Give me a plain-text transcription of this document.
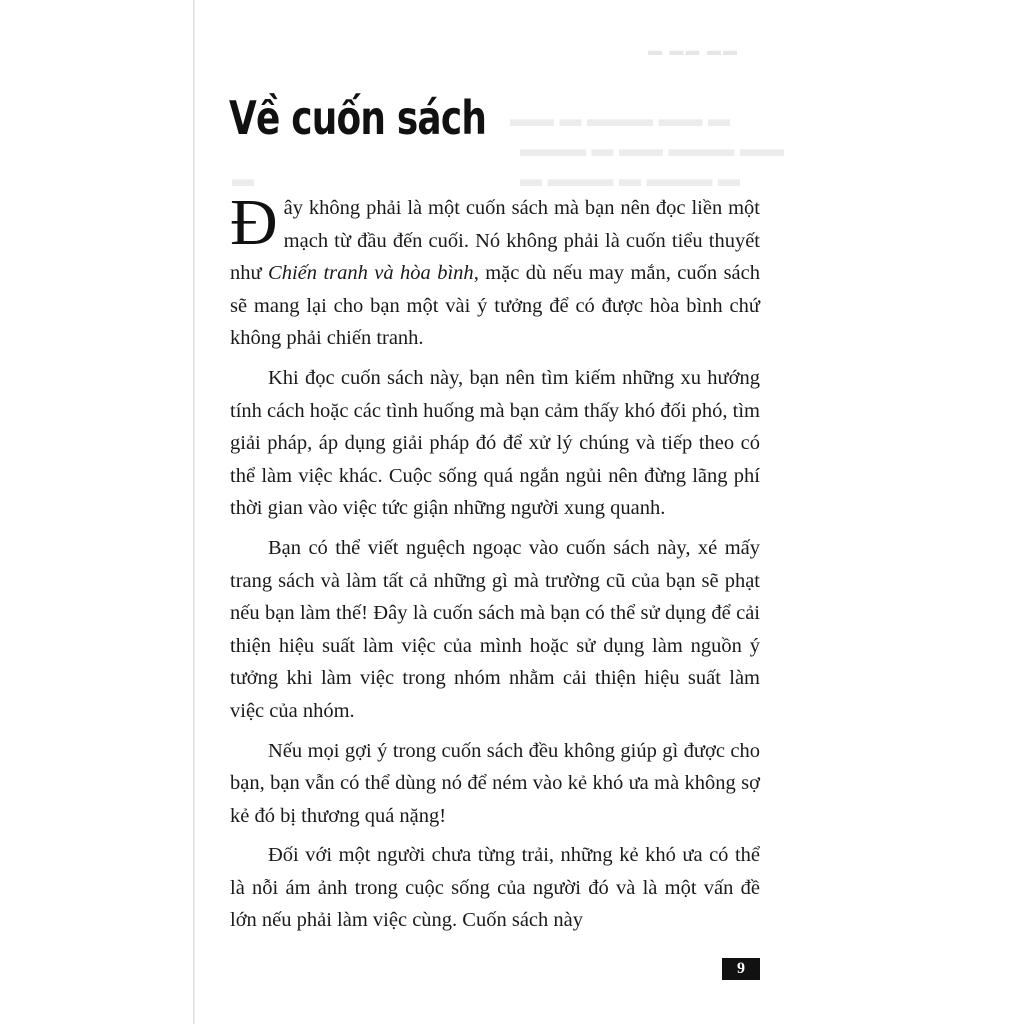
▬ ▬▬ ▬▬
▬▬ ▬ ▬▬▬ ▬▬ ▬
▬▬▬ ▬ ▬▬ ▬▬▬ ▬▬
▬ ▬▬▬ ▬ ▬▬▬ ▬
▬
Về cuốn sách

Đây không phải là một cuốn sách mà bạn nên đọc liền một mạch từ đầu đến cuối. Nó không phải là cuốn tiểu thuyết như Chiến tranh và hòa bình, mặc dù nếu may mắn, cuốn sách sẽ mang lại cho bạn một vài ý tưởng để có được hòa bình chứ không phải chiến tranh.

Khi đọc cuốn sách này, bạn nên tìm kiếm những xu hướng tính cách hoặc các tình huống mà bạn cảm thấy khó đối phó, tìm giải pháp, áp dụng giải pháp đó để xử lý chúng và tiếp theo có thể làm việc khác. Cuộc sống quá ngắn ngủi nên đừng lãng phí thời gian vào việc tức giận những người xung quanh.

Bạn có thể viết nguệch ngoạc vào cuốn sách này, xé mấy trang sách và làm tất cả những gì mà trường cũ của bạn sẽ phạt nếu bạn làm thế! Đây là cuốn sách mà bạn có thể sử dụng để cải thiện hiệu suất làm việc của mình hoặc sử dụng làm nguồn ý tưởng khi làm việc trong nhóm nhằm cải thiện hiệu suất làm việc của nhóm.

Nếu mọi gợi ý trong cuốn sách đều không giúp gì được cho bạn, bạn vẫn có thể dùng nó để ném vào kẻ khó ưa mà không sợ kẻ đó bị thương quá nặng!

Đối với một người chưa từng trải, những kẻ khó ưa có thể là nỗi ám ảnh trong cuộc sống của người đó và là một vấn đề lớn nếu phải làm việc cùng. Cuốn sách này

9
